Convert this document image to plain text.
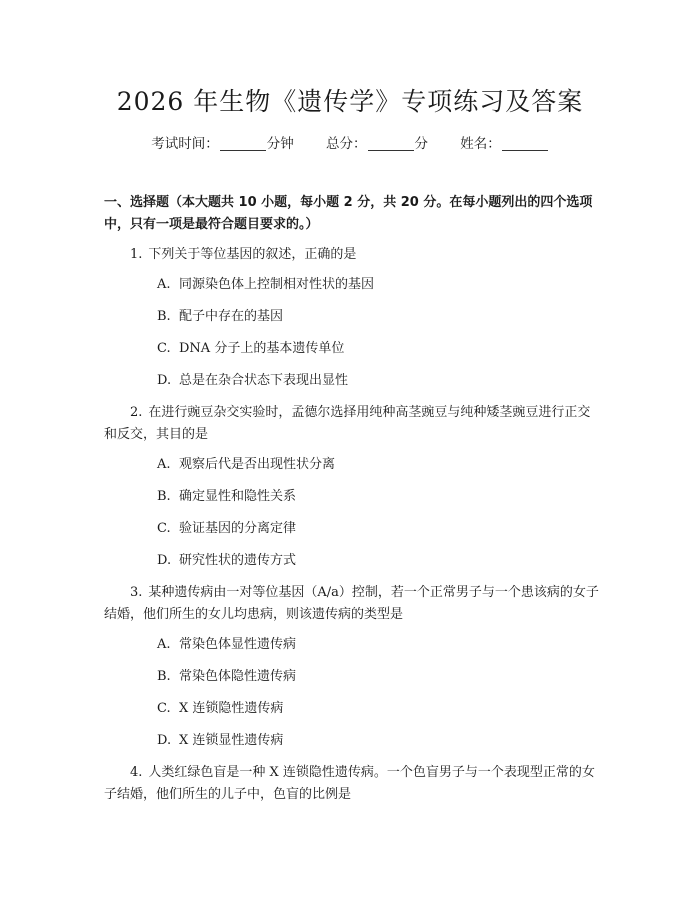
2026 年生物《遗传学》专项练习及答案
考试时间：	分钟 总分：	分 姓名：
一、选择题（本大题共 10 小题，每小题 2 分，共 20 分。在每小题列出的四个选项中，只有一项是最符合题目要求的。）
1. 下列关于等位基因的叙述，正确的是
A. 同源染色体上控制相对性状的基因
B. 配子中存在的基因
C. DNA 分子上的基本遗传单位
D. 总是在杂合状态下表现出显性
2. 在进行豌豆杂交实验时，孟德尔选择用纯种高茎豌豆与纯种矮茎豌豆进行正交和反交，其目的是
A. 观察后代是否出现性状分离
B. 确定显性和隐性关系
C. 验证基因的分离定律
D. 研究性状的遗传方式
3. 某种遗传病由一对等位基因（A/a）控制，若一个正常男子与一个患该病的女子结婚，他们所生的女儿均患病，则该遗传病的类型是
A. 常染色体显性遗传病
B. 常染色体隐性遗传病
C. X 连锁隐性遗传病
D. X 连锁显性遗传病
4. 人类红绿色盲是一种 X 连锁隐性遗传病。一个色盲男子与一个表现型正常的女子结婚，他们所生的儿子中，色盲的比例是
